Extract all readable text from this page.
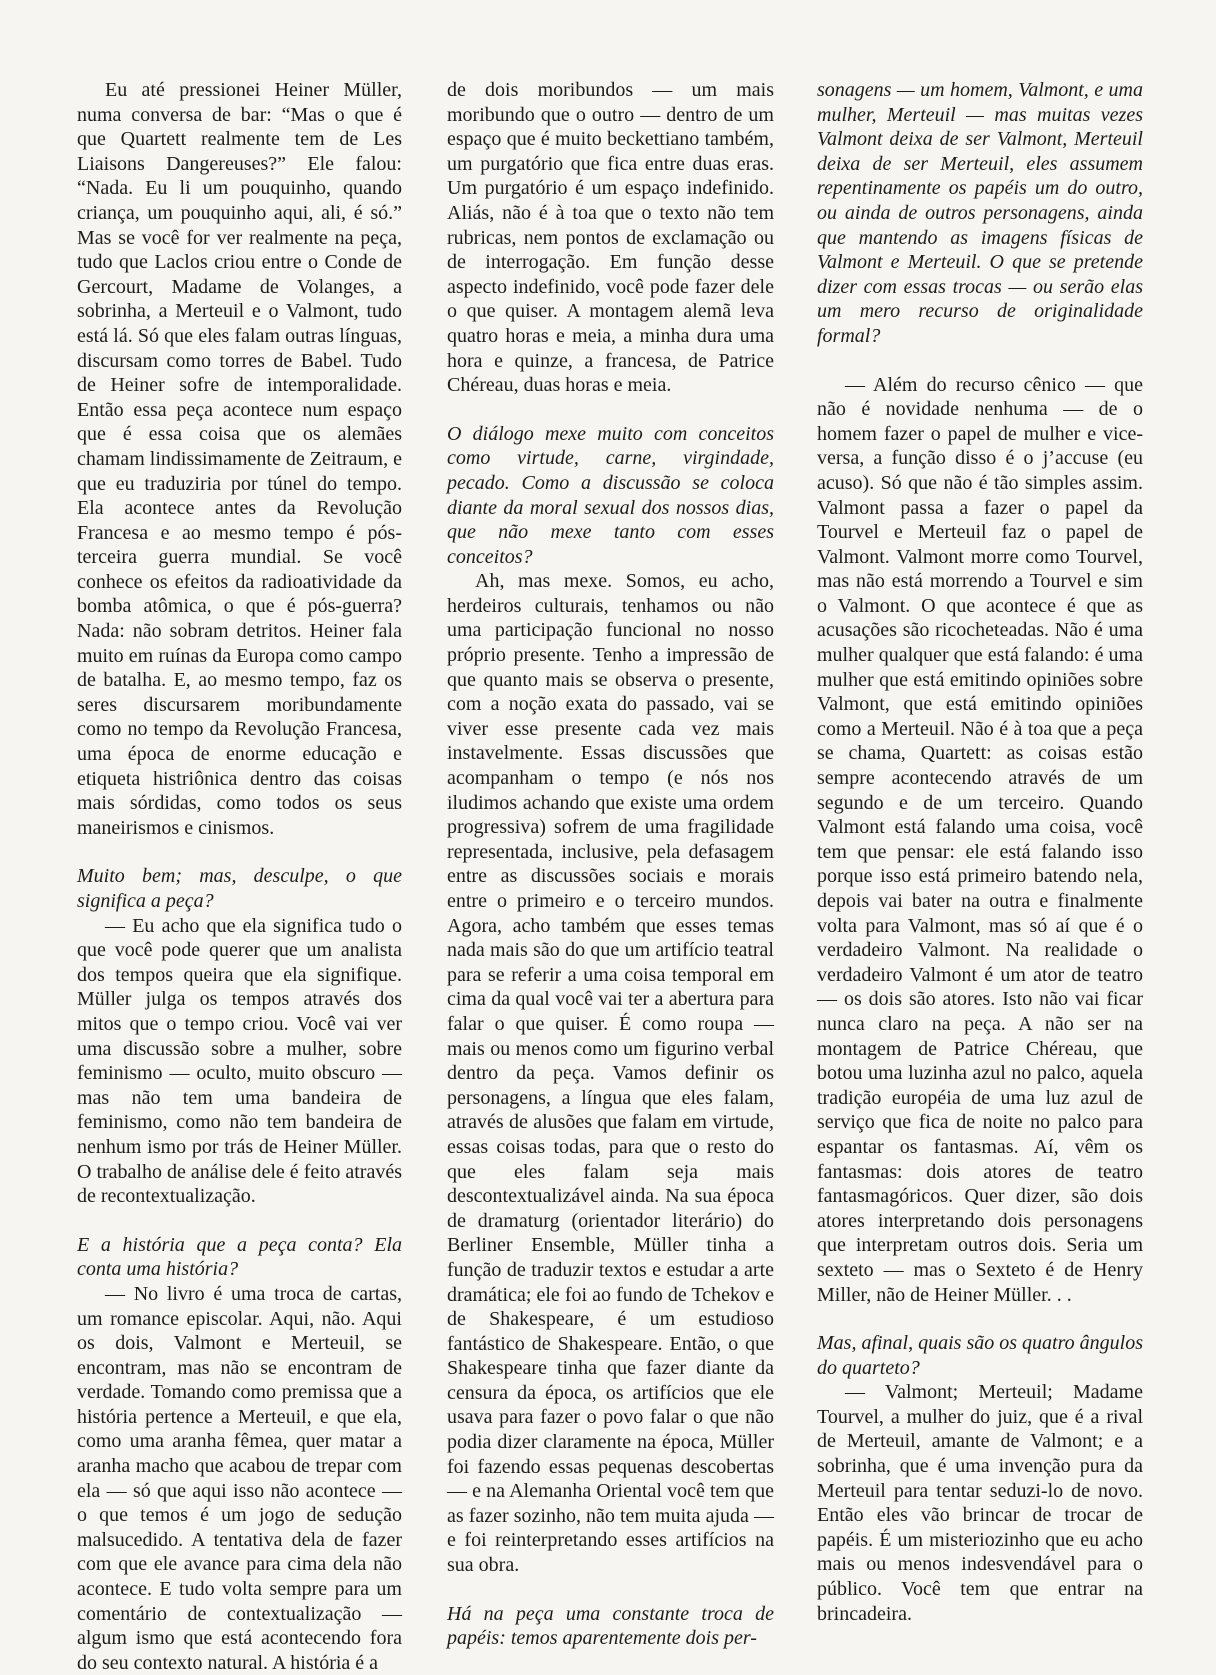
Eu até pressionei Heiner Müller, numa conversa de bar: “Mas o que é que Quartett realmente tem de Les Liaisons Dangereuses?” Ele falou: “Nada. Eu li um pouquinho, quando criança, um pouquinho aqui, ali, é só.” Mas se você for ver realmente na peça, tudo que Laclos criou entre o Conde de Gercourt, Madame de Volanges, a sobrinha, a Merteuil e o Valmont, tudo está lá. Só que eles falam outras línguas, discursam como torres de Babel. Tudo de Heiner sofre de intemporalidade. Então essa peça acontece num espaço que é essa coisa que os alemães chamam lindissimamente de Zeitraum, e que eu traduziria por túnel do tempo. Ela acontece antes da Revolução Francesa e ao mesmo tempo é pós-terceira guerra mundial. Se você conhece os efeitos da radioatividade da bomba atômica, o que é pós-guerra? Nada: não sobram detritos. Heiner fala muito em ruínas da Europa como campo de batalha. E, ao mesmo tempo, faz os seres discursarem moribundamente como no tempo da Revolução Francesa, uma época de enorme educação e etiqueta histriônica dentro das coisas mais sórdidas, como todos os seus maneirismos e cinismos.

Muito bem; mas, desculpe, o que significa a peça?

— Eu acho que ela significa tudo o que você pode querer que um analista dos tempos queira que ela signifique. Müller julga os tempos através dos mitos que o tempo criou. Você vai ver uma discussão sobre a mulher, sobre feminismo — oculto, muito obscuro — mas não tem uma bandeira de feminismo, como não tem bandeira de nenhum ismo por trás de Heiner Müller. O trabalho de análise dele é feito através de recontextualização.

E a história que a peça conta? Ela conta uma história?

— No livro é uma troca de cartas, um romance episcolar. Aqui, não. Aqui os dois, Valmont e Merteuil, se encontram, mas não se encontram de verdade. Tomando como premissa que a história pertence a Merteuil, e que ela, como uma aranha fêmea, quer matar a aranha macho que acabou de trepar com ela — só que aqui isso não acontece — o que temos é um jogo de sedução malsucedido. A tentativa dela de fazer com que ele avance para cima dela não acontece. E tudo volta sempre para um comentário de contextualização — algum ismo que está acontecendo fora do seu contexto natural. A história é a

de dois moribundos — um mais moribundo que o outro — dentro de um espaço que é muito beckettiano também, um purgatório que fica entre duas eras. Um purgatório é um espaço indefinido. Aliás, não é à toa que o texto não tem rubricas, nem pontos de exclamação ou de interrogação. Em função desse aspecto indefinido, você pode fazer dele o que quiser. A montagem alemã leva quatro horas e meia, a minha dura uma hora e quinze, a francesa, de Patrice Chéreau, duas horas e meia.

O diálogo mexe muito com conceitos como virtude, carne, virgindade, pecado. Como a discussão se coloca diante da moral sexual dos nossos dias, que não mexe tanto com esses conceitos?

Ah, mas mexe. Somos, eu acho, herdeiros culturais, tenhamos ou não uma participação funcional no nosso próprio presente. Tenho a impressão de que quanto mais se observa o presente, com a noção exata do passado, vai se viver esse presente cada vez mais instavelmente. Essas discussões que acompanham o tempo (e nós nos iludimos achando que existe uma ordem progressiva) sofrem de uma fragilidade representada, inclusive, pela defasagem entre as discussões sociais e morais entre o primeiro e o terceiro mundos. Agora, acho também que esses temas nada mais são do que um artifício teatral para se referir a uma coisa temporal em cima da qual você vai ter a abertura para falar o que quiser. É como roupa — mais ou menos como um figurino verbal dentro da peça. Vamos definir os personagens, a língua que eles falam, através de alusões que falam em virtude, essas coisas todas, para que o resto do que eles falam seja mais descontextualizável ainda. Na sua época de dramaturg (orientador literário) do Berliner Ensemble, Müller tinha a função de traduzir textos e estudar a arte dramática; ele foi ao fundo de Tchekov e de Shakespeare, é um estudioso fantástico de Shakespeare. Então, o que Shakespeare tinha que fazer diante da censura da época, os artifícios que ele usava para fazer o povo falar o que não podia dizer claramente na época, Müller foi fazendo essas pequenas descobertas — e na Alemanha Oriental você tem que as fazer sozinho, não tem muita ajuda — e foi reinterpretando esses artifícios na sua obra.

Há na peça uma constante troca de papéis: temos aparentemente dois per-

sonagens — um homem, Valmont, e uma mulher, Merteuil — mas muitas vezes Valmont deixa de ser Valmont, Merteuil deixa de ser Merteuil, eles assumem repentinamente os papéis um do outro, ou ainda de outros personagens, ainda que mantendo as imagens físicas de Valmont e Merteuil. O que se pretende dizer com essas trocas — ou serão elas um mero recurso de originalidade formal?

— Além do recurso cênico — que não é novidade nenhuma — de o homem fazer o papel de mulher e vice-versa, a função disso é o j’accuse (eu acuso). Só que não é tão simples assim. Valmont passa a fazer o papel da Tourvel e Merteuil faz o papel de Valmont. Valmont morre como Tourvel, mas não está morrendo a Tourvel e sim o Valmont. O que acontece é que as acusações são ricocheteadas. Não é uma mulher qualquer que está falando: é uma mulher que está emitindo opiniões sobre Valmont, que está emitindo opiniões como a Merteuil. Não é à toa que a peça se chama, Quartett: as coisas estão sempre acontecendo através de um segundo e de um terceiro. Quando Valmont está falando uma coisa, você tem que pensar: ele está falando isso porque isso está primeiro batendo nela, depois vai bater na outra e finalmente volta para Valmont, mas só aí que é o verdadeiro Valmont. Na realidade o verdadeiro Valmont é um ator de teatro — os dois são atores. Isto não vai ficar nunca claro na peça. A não ser na montagem de Patrice Chéreau, que botou uma luzinha azul no palco, aquela tradição européia de uma luz azul de serviço que fica de noite no palco para espantar os fantasmas. Aí, vêm os fantasmas: dois atores de teatro fantasmagóricos. Quer dizer, são dois atores interpretando dois personagens que interpretam outros dois. Seria um sexteto — mas o Sexteto é de Henry Miller, não de Heiner Müller. . .

Mas, afinal, quais são os quatro ângulos do quarteto?

— Valmont; Merteuil; Madame Tourvel, a mulher do juiz, que é a rival de Merteuil, amante de Valmont; e a sobrinha, que é uma invenção pura da Merteuil para tentar seduzi-lo de novo. Então eles vão brincar de trocar de papéis. É um misteriozinho que eu acho mais ou menos indesvendável para o público. Você tem que entrar na brincadeira.
